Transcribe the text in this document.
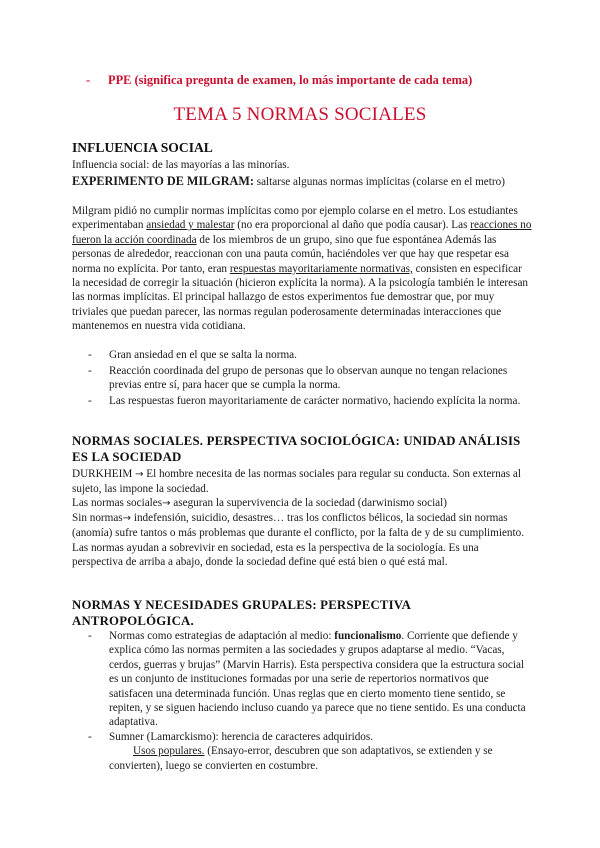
- PPE (significa pregunta de examen, lo más importante de cada tema)
TEMA 5 NORMAS SOCIALES
INFLUENCIA SOCIAL
Influencia social: de las mayorías a las minorías.
EXPERIMENTO DE MILGRAM: saltarse algunas normas implícitas (colarse en el metro)
Milgram pidió no cumplir normas implícitas como por ejemplo colarse en el metro. Los estudiantes experimentaban ansiedad y malestar (no era proporcional al daño que podía causar). Las reacciones no fueron la acción coordinada de los miembros de un grupo, sino que fue espontánea Además las personas de alrededor, reaccionan con una pauta común, haciéndoles ver que hay que respetar esa norma no explícita. Por tanto, eran respuestas mayoritariamente normativas, consisten en especificar la necesidad de corregir la situación (hicieron explícita la norma). A la psicología también le interesan las normas implícitas. El principal hallazgo de estos experimentos fue demostrar que, por muy triviales que puedan parecer, las normas regulan poderosamente determinadas interacciones que mantenemos en nuestra vida cotidiana.
- Gran ansiedad en el que se salta la norma.
- Reacción coordinada del grupo de personas que lo observan aunque no tengan relaciones previas entre sí, para hacer que se cumpla la norma.
- Las respuestas fueron mayoritariamente de carácter normativo, haciendo explícita la norma.
NORMAS SOCIALES. PERSPECTIVA SOCIOLÓGICA: UNIDAD ANÁLISIS ES LA SOCIEDAD
DURKHEIM → El hombre necesita de las normas sociales para regular su conducta. Son externas al sujeto, las impone la sociedad.
Las normas sociales→ aseguran la supervivencia de la sociedad (darwinismo social)
Sin normas→ indefensión, suicidio, desastres… tras los conflictos bélicos, la sociedad sin normas (anomía) sufre tantos o más problemas que durante el conflicto, por la falta de y de su cumplimiento. Las normas ayudan a sobrevivir en sociedad, esta es la perspectiva de la sociología. Es una perspectiva de arriba a abajo, donde la sociedad define qué está bien o qué está mal.
NORMAS Y NECESIDADES GRUPALES: PERSPECTIVA ANTROPOLÓGICA.
- Normas como estrategias de adaptación al medio: funcionalismo. Corriente que defiende y explica cómo las normas permiten a las sociedades y grupos adaptarse al medio. “Vacas, cerdos, guerras y brujas” (Marvin Harris). Esta perspectiva considera que la estructura social es un conjunto de instituciones formadas por una serie de repertorios normativos que satisfacen una determinada función. Unas reglas que en cierto momento tiene sentido, se repiten, y se siguen haciendo incluso cuando ya parece que no tiene sentido. Es una conducta adaptativa.
- Sumner (Lamarckismo): herencia de caracteres adquiridos.
Usos populares. (Ensayo-error, descubren que son adaptativos, se extienden y se convierten), luego se convierten en costumbre.
